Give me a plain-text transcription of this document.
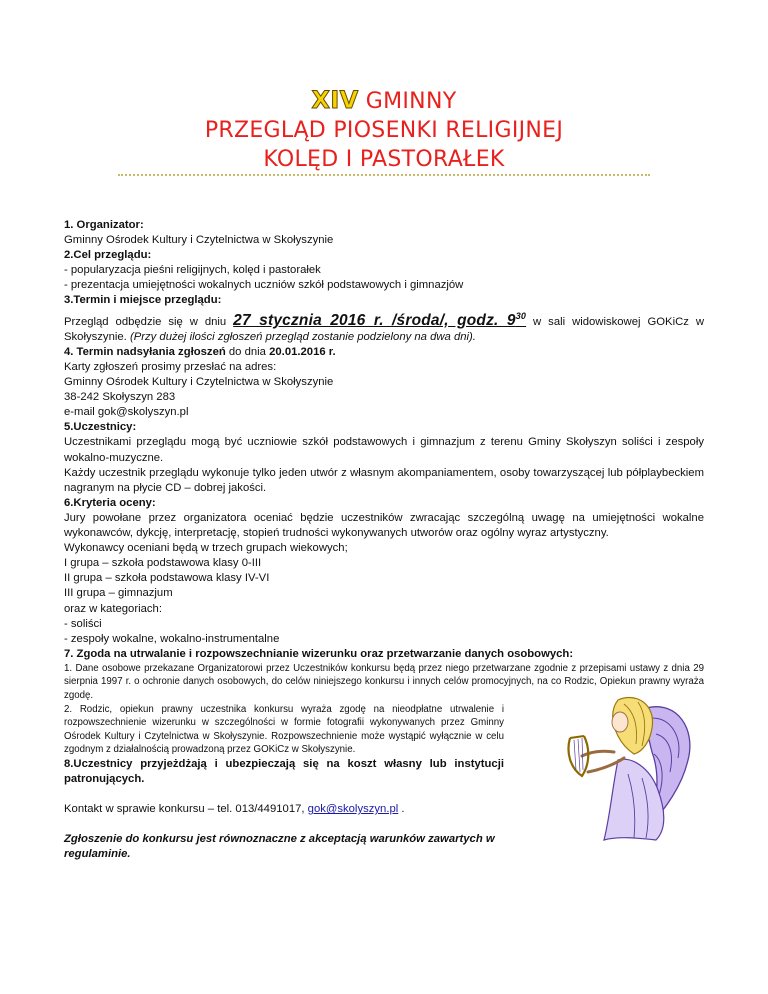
XIV GMINNY
PRZEGLĄD PIOSENKI RELIGIJNEJ
KOLĘD I PASTORAŁEK

1. Organizator:

Gminny Ośrodek Kultury i Czytelnictwa w Skołyszynie

2.Cel przeglądu:

- popularyzacja pieśni religijnych, kolęd i pastorałek

- prezentacja umiejętności wokalnych uczniów szkół podstawowych i gimnazjów

3.Termin i miejsce przeglądu:

Przegląd odbędzie się w dniu 27 stycznia 2016 r. /środa/, godz. $9^{30}$ w sali widowiskowej GOKiCz w Skołyszynie. (Przy dużej ilości zgłoszeń przegląd zostanie podzielony na dwa dni).

4. Termin nadsyłania zgłoszeń do dnia 20.01.2016 r.

Karty zgłoszeń prosimy przesłać na adres:

Gminny Ośrodek Kultury i Czytelnictwa w Skołyszynie

38-242 Skołyszyn 283

e-mail gok@skolyszyn.pl

5.Uczestnicy:

Uczestnikami przeglądu mogą być uczniowie szkół podstawowych i gimnazjum z terenu Gminy Skołyszyn soliści i zespoły wokalno-muzyczne.

Każdy uczestnik przeglądu wykonuje tylko jeden utwór z własnym akompaniamentem, osoby towarzyszącej lub półplaybeckiem nagranym na płycie CD – dobrej jakości.

6.Kryteria oceny:

Jury powołane przez organizatora oceniać będzie uczestników zwracając szczególną uwagę na umiejętności wokalne wykonawców, dykcję, interpretację, stopień trudności wykonywanych utworów oraz ogólny wyraz artystyczny.

Wykonawcy oceniani będą w trzech grupach wiekowych;

I grupa – szkoła podstawowa klasy 0-III

II grupa – szkoła podstawowa klasy IV-VI

III grupa – gimnazjum

oraz w kategoriach:

- soliści

- zespoły wokalne, wokalno-instrumentalne

7. Zgoda na utrwalanie i rozpowszechnianie wizerunku oraz przetwarzanie danych osobowych:

1. Dane osobowe przekazane Organizatorowi przez Uczestników konkursu będą przez niego przetwarzane zgodnie z przepisami ustawy z dnia 29 sierpnia 1997 r. o ochronie danych osobowych, do celów niniejszego konkursu i innych celów promocyjnych, na co Rodzic, Opiekun prawny wyraża zgodę.

2. Rodzic, opiekun prawny uczestnika konkursu wyraża zgodę na nieodpłatne utrwalenie i rozpowszechnienie wizerunku w szczególności w formie fotografii wykonywanych przez Gminny Ośrodek Kultury i Czytelnictwa w Skołyszynie. Rozpowszechnienie może wystąpić wyłącznie w celu zgodnym z działalnością prowadzoną przez GOKiCz w Skołyszynie.

8.Uczestnicy przyjeżdżają i ubezpieczają się na koszt własny lub instytucji patronujących.

Kontakt w sprawie konkursu – tel. 013/4491017, gok@skolyszyn.pl .

Zgłoszenie do konkursu jest równoznaczne z akceptacją warunków zawartych w regulaminie.
